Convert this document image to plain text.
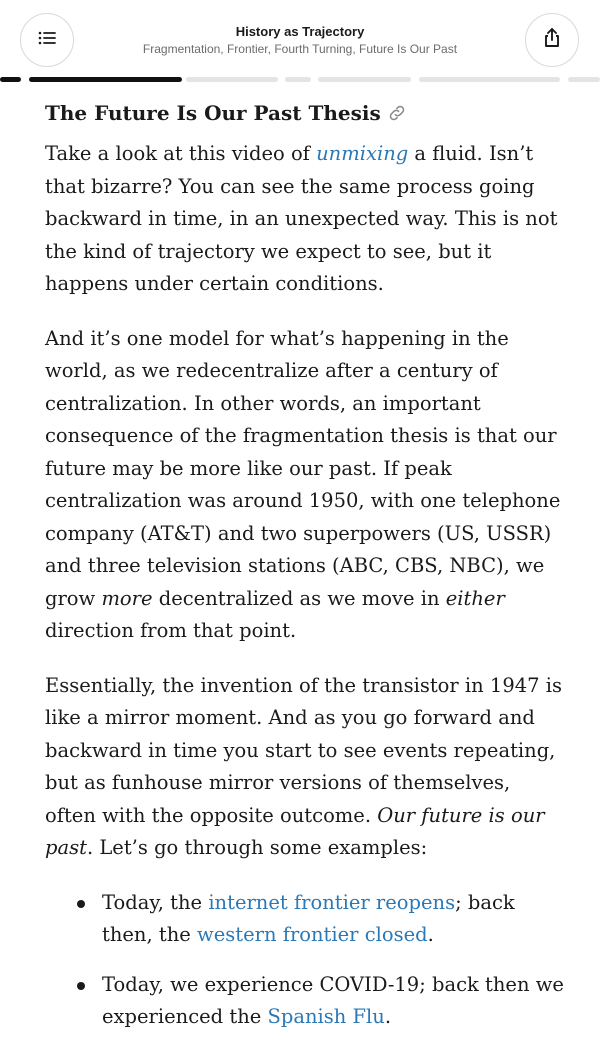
History as Trajectory
Fragmentation, Frontier, Fourth Turning, Future Is Our Past
The Future Is Our Past Thesis

Take a look at this video of unmixing a fluid. Isn’t that bizarre? You can see the same process going backward in time, in an unexpected way. This is not the kind of trajectory we expect to see, but it happens under certain conditions.

And it’s one model for what’s happening in the world, as we redecentralize after a century of centralization. In other words, an important consequence of the fragmentation thesis is that our future may be more like our past. If peak centralization was around 1950, with one telephone company (AT&T) and two superpowers (US, USSR) and three television stations (ABC, CBS, NBC), we grow more decentralized as we move in either direction from that point.

Essentially, the invention of the transistor in 1947 is like a mirror moment. And as you go forward and backward in time you start to see events repeating, but as funhouse mirror versions of themselves, often with the opposite outcome. Our future is our past. Let’s go through some examples:

Today, the internet frontier reopens; back then, the western frontier closed.
Today, we experience COVID-19; back then we experienced the Spanish Flu.
